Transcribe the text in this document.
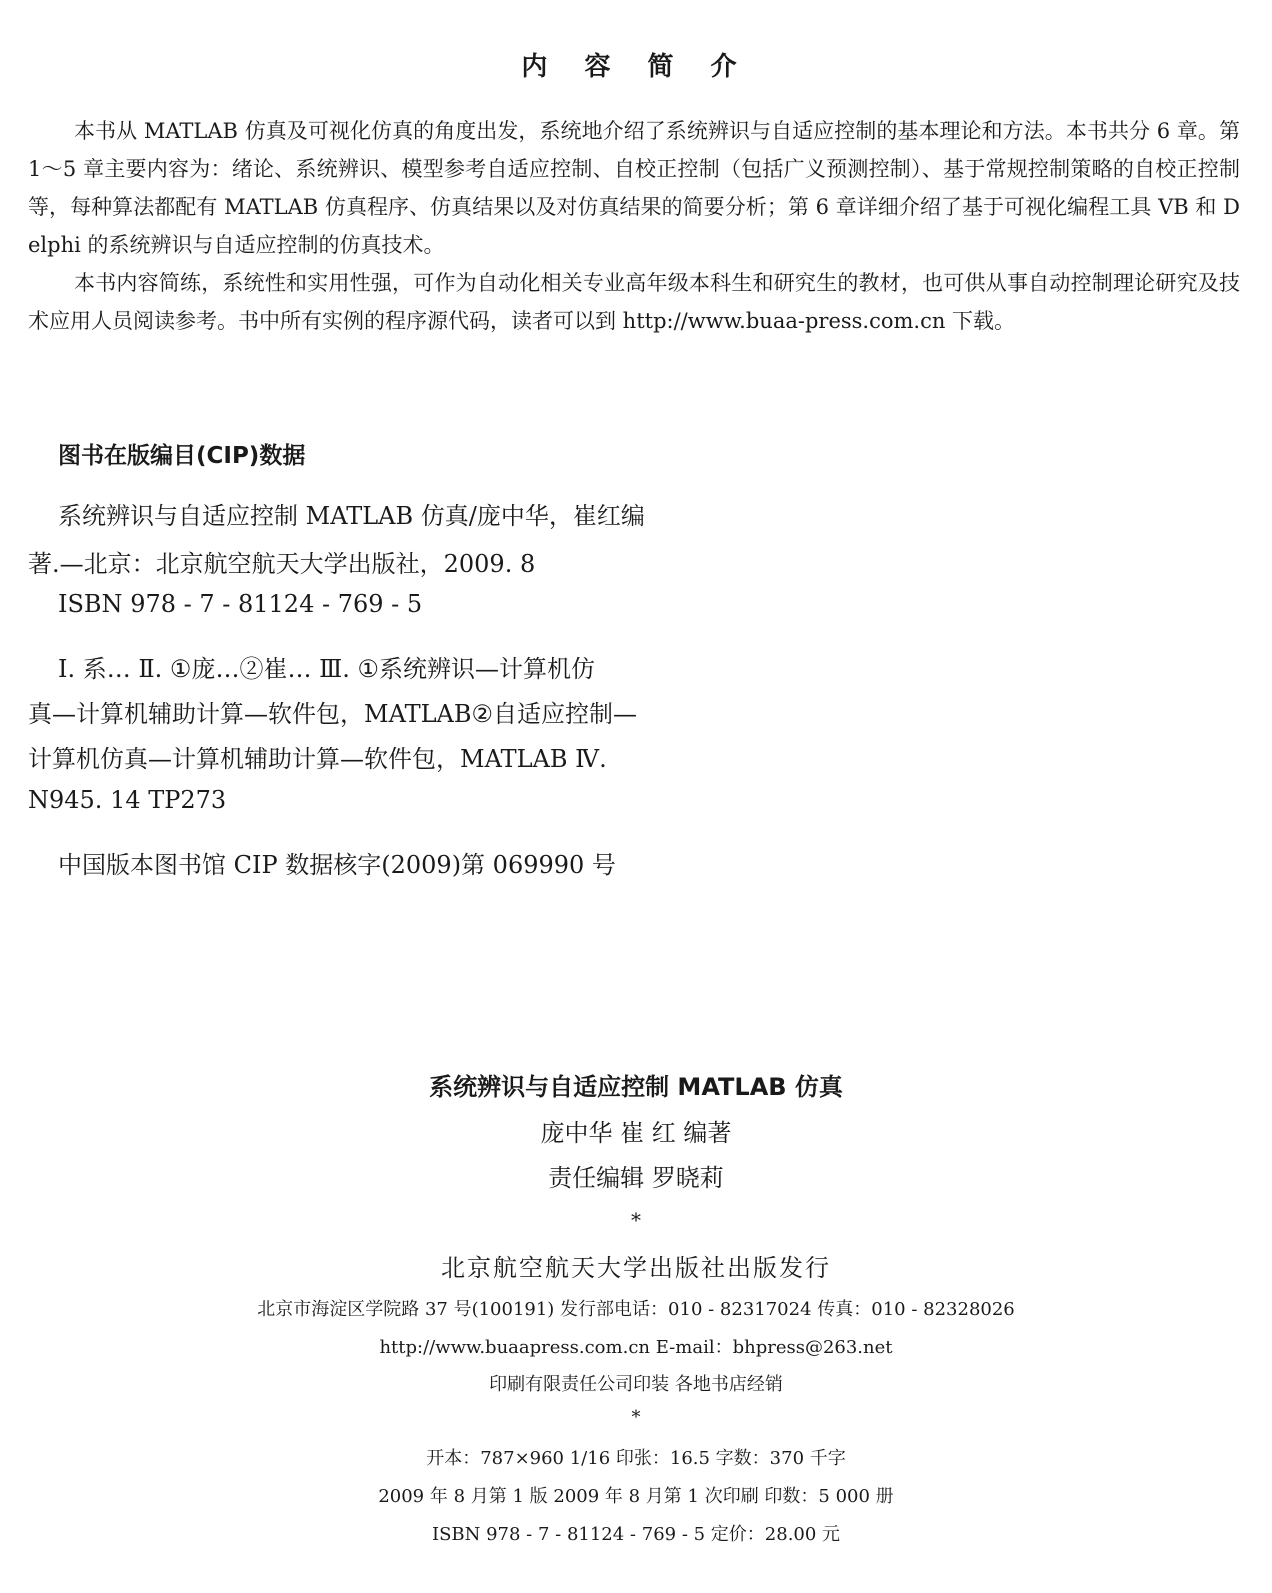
内 容 简 介
本书从 MATLAB 仿真及可视化仿真的角度出发，系统地介绍了系统辨识与自适应控制的基本理论和方法。本书共分 6 章。第 1～5 章主要内容为：绪论、系统辨识、模型参考自适应控制、自校正控制（包括广义预测控制）、基于常规控制策略的自校正控制等，每种算法都配有 MATLAB 仿真程序、仿真结果以及对仿真结果的简要分析；第 6 章详细介绍了基于可视化编程工具 VB 和 Delphi 的系统辨识与自适应控制的仿真技术。
本书内容简练，系统性和实用性强，可作为自动化相关专业高年级本科生和研究生的教材，也可供从事自动控制理论研究及技术应用人员阅读参考。书中所有实例的程序源代码，读者可以到 http://www.buaa-press.com.cn 下载。
图书在版编目(CIP)数据
系统辨识与自适应控制 MATLAB 仿真/庞中华，崔红编
著.—北京：北京航空航天大学出版社，2009. 8
ISBN 978 - 7 - 81124 - 769 - 5
Ⅰ. 系… Ⅱ. ①庞…②崔… Ⅲ. ①系统辨识—计算机仿
真—计算机辅助计算—软件包，MATLAB②自适应控制—
计算机仿真—计算机辅助计算—软件包，MATLAB Ⅳ.
N945. 14 TP273
中国版本图书馆 CIP 数据核字(2009)第 069990 号
系统辨识与自适应控制 MATLAB 仿真
庞中华 崔 红 编著
责任编辑 罗晓莉
*
北京航空航天大学出版社出版发行
北京市海淀区学院路 37 号(100191) 发行部电话：010 - 82317024 传真：010 - 82328026
http://www.buaapress.com.cn E-mail：bhpress@263.net
印刷有限责任公司印装 各地书店经销
*
开本：787×960 1/16 印张：16.5 字数：370 千字
2009 年 8 月第 1 版 2009 年 8 月第 1 次印刷 印数：5 000 册
ISBN 978 - 7 - 81124 - 769 - 5 定价：28.00 元
